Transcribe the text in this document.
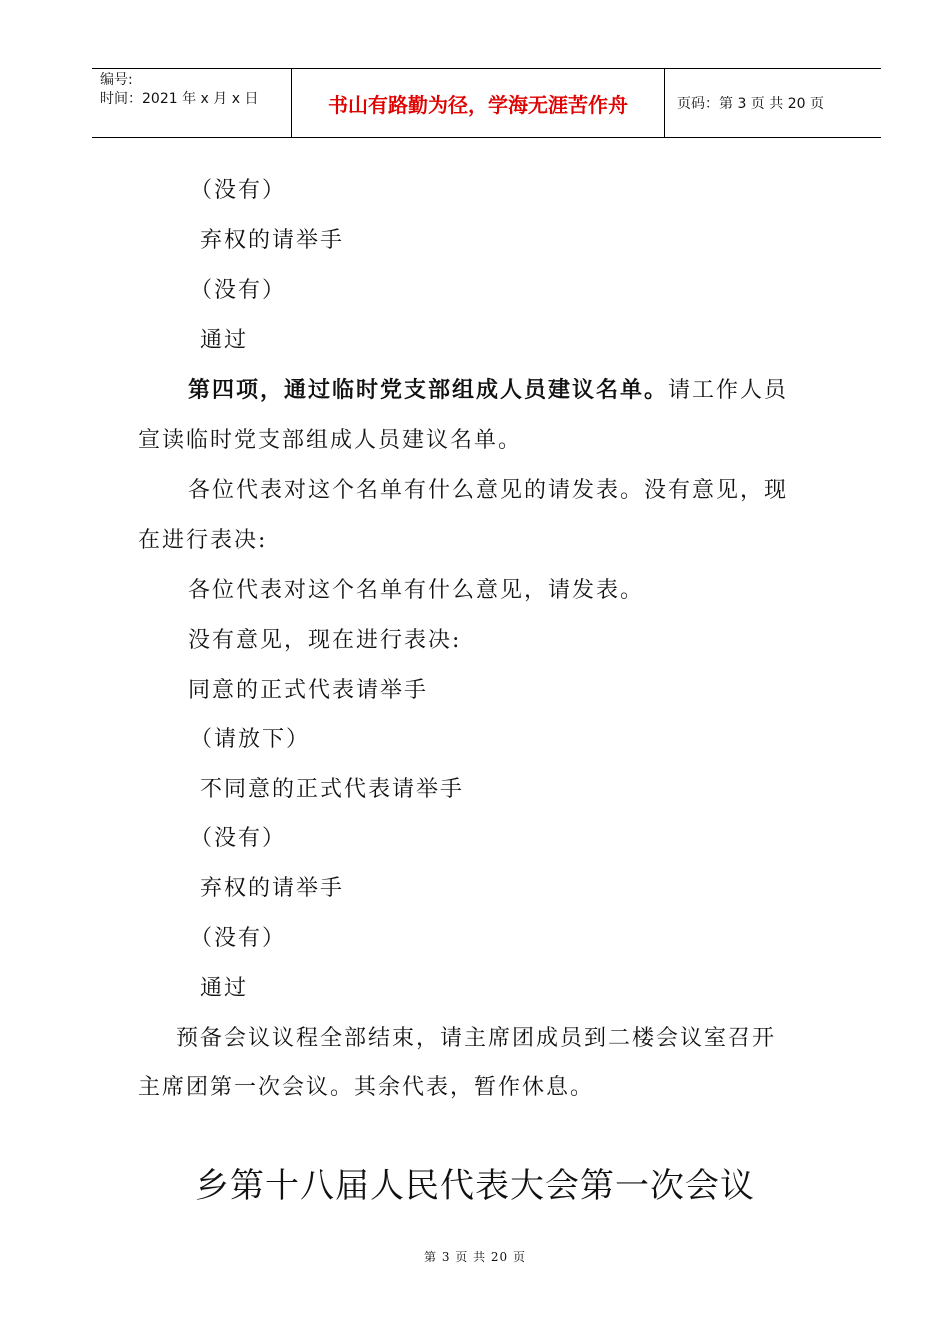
编号:
时间：2021 年 x 月 x 日	书山有路勤为径，学海无涯苦作舟	页码：第 3 页 共 20 页
（没有）
弃权的请举手
（没有）
通过
第四项，通过临时党支部组成人员建议名单。请工作人员
宣读临时党支部组成人员建议名单。
各位代表对这个名单有什么意见的请发表。没有意见，现
在进行表决:
各位代表对这个名单有什么意见，请发表。
没有意见，现在进行表决:
同意的正式代表请举手
（请放下）
不同意的正式代表请举手
（没有）
弃权的请举手
（没有）
通过
预备会议议程全部结束，请主席团成员到二楼会议室召开
主席团第一次会议。其余代表，暂作休息。
乡第十八届人民代表大会第一次会议
第 3 页 共 20 页
